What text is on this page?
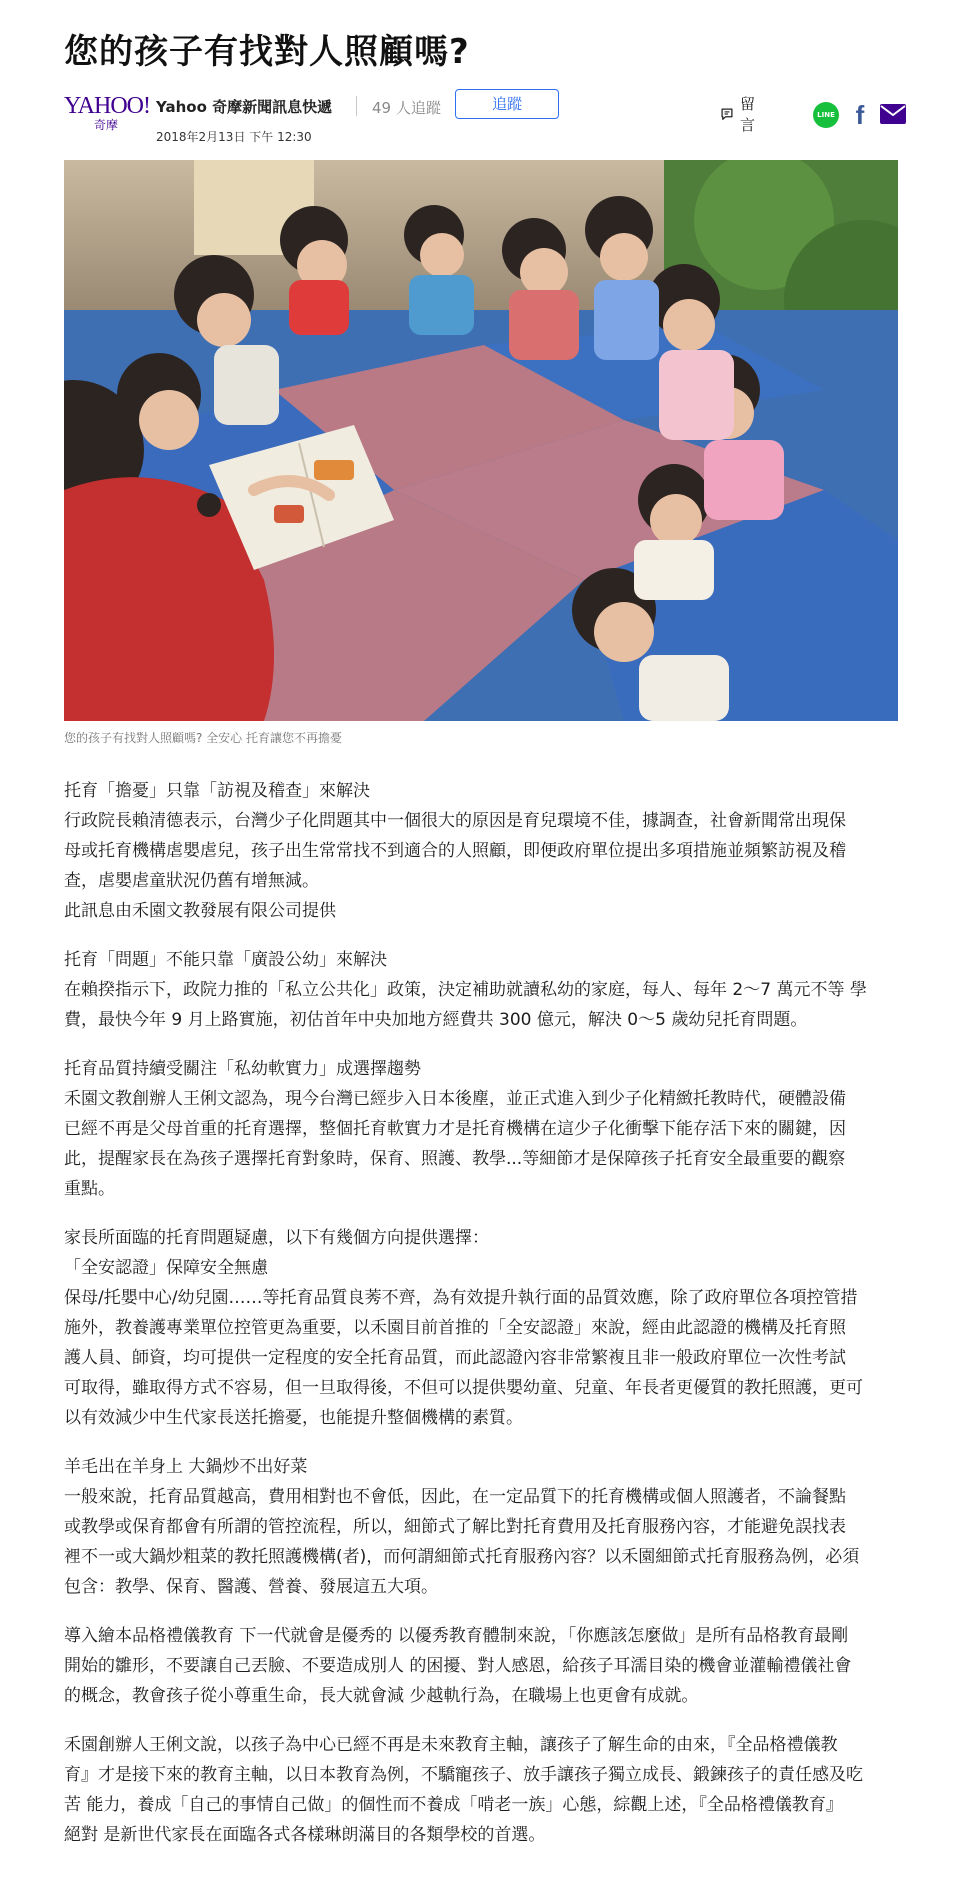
您的孩子有找對人照顧嗎?
YAHOO!
奇摩
Yahoo 奇摩新聞訊息快遞	49 人追蹤	追蹤
2018年2月13日 下午 12:30
留言
LINE f
您的孩子有找對人照顧嗎? 全安心 托育讓您不再擔憂

托育「擔憂」只靠「訪視及稽查」來解決
行政院長賴清德表示，台灣少子化問題其中一個很大的原因是育兒環境不佳，據調查，社會新聞常出現保
母或托育機構虐嬰虐兒，孩子出生常常找不到適合的人照顧，即便政府單位提出多項措施並頻繁訪視及稽
查，虐嬰虐童狀況仍舊有增無減。
此訊息由禾園文教發展有限公司提供

托育「問題」不能只靠「廣設公幼」來解決
在賴揆指示下，政院力推的「私立公共化」政策，決定補助就讀私幼的家庭，每人、每年 2～7 萬元不等 學
費，最快今年 9 月上路實施，初估首年中央加地方經費共 300 億元，解決 0～5 歲幼兒托育問題。

托育品質持續受關注「私幼軟實力」成選擇趨勢
禾園文教創辦人王俐文認為，現今台灣已經步入日本後塵，並正式進入到少子化精緻托教時代，硬體設備
已經不再是父母首重的托育選擇，整個托育軟實力才是托育機構在這少子化衝擊下能存活下來的關鍵，因
此，提醒家長在為孩子選擇托育對象時，保育、照護、教學...等細節才是保障孩子托育安全最重要的觀察
重點。

家長所面臨的托育問題疑慮，以下有幾個方向提供選擇：
「全安認證」保障安全無慮
保母/托嬰中心/幼兒園……等托育品質良莠不齊，為有效提升執行面的品質效應，除了政府單位各項控管措
施外，教養護專業單位控管更為重要，以禾園目前首推的「全安認證」來說，經由此認證的機構及托育照
護人員、師資，均可提供一定程度的安全托育品質，而此認證內容非常繁複且非一般政府單位一次性考試
可取得，雖取得方式不容易，但一旦取得後，不但可以提供嬰幼童、兒童、年長者更優質的教托照護，更可
以有效減少中生代家長送托擔憂，也能提升整個機構的素質。

羊毛出在羊身上 大鍋炒不出好菜
一般來說，托育品質越高，費用相對也不會低，因此，在一定品質下的托育機構或個人照護者，不論餐點
或教學或保育都會有所謂的管控流程，所以，細節式了解比對托育費用及托育服務內容，才能避免誤找表
裡不一或大鍋炒粗菜的教托照護機構(者)，而何謂細節式托育服務內容？以禾園細節式托育服務為例，必須
包含：教學、保育、醫護、營養、發展這五大項。

導入繪本品格禮儀教育 下一代就會是優秀的 以優秀教育體制來說，「你應該怎麼做」是所有品格教育最剛
開始的雛形，不要讓自己丟臉、不要造成別人 的困擾、對人感恩，給孩子耳濡目染的機會並灌輸禮儀社會
的概念，教會孩子從小尊重生命，長大就會減 少越軌行為，在職場上也更會有成就。

禾園創辦人王俐文說，以孩子為中心已經不再是未來教育主軸，讓孩子了解生命的由來，『全品格禮儀教
育』才是接下來的教育主軸，以日本教育為例，不驕寵孩子、放手讓孩子獨立成長、鍛鍊孩子的責任感及吃
苦 能力，養成「自己的事情自己做」的個性而不養成「啃老一族」心態，綜觀上述，『全品格禮儀教育』
絕對 是新世代家長在面臨各式各樣琳朗滿目的各類學校的首選。
